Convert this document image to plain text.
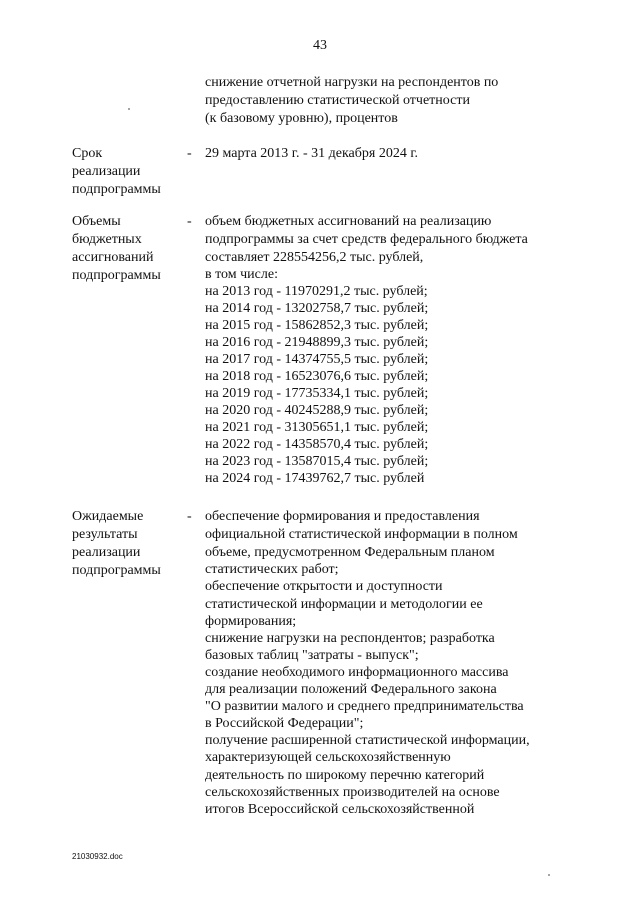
43
снижение отчетной нагрузки на респондентов по
предоставлению статистической отчетности
(к базовому уровню), процентов
Срок
реализации
подпрограммы
- 29 марта 2013 г. - 31 декабря 2024 г.
Объемы
бюджетных
ассигнований
подпрограммы
- объем бюджетных ассигнований на реализацию
подпрограммы за счет средств федерального бюджета
составляет 228554256,2 тыс. рублей,
в том числе:
на 2013 год - 11970291,2 тыс. рублей;
на 2014 год - 13202758,7 тыс. рублей;
на 2015 год - 15862852,3 тыс. рублей;
на 2016 год - 21948899,3 тыс. рублей;
на 2017 год - 14374755,5 тыс. рублей;
на 2018 год - 16523076,6 тыс. рублей;
на 2019 год - 17735334,1 тыс. рублей;
на 2020 год - 40245288,9 тыс. рублей;
на 2021 год - 31305651,1 тыс. рублей;
на 2022 год - 14358570,4 тыс. рублей;
на 2023 год - 13587015,4 тыс. рублей;
на 2024 год - 17439762,7 тыс. рублей
Ожидаемые
результаты
реализации
подпрограммы
- обеспечение формирования и предоставления
официальной статистической информации в полном
объеме, предусмотренном Федеральным планом
статистических работ;
обеспечение открытости и доступности
статистической информации и методологии ее
формирования;
снижение нагрузки на респондентов; разработка
базовых таблиц "затраты - выпуск";
создание необходимого информационного массива
для реализации положений Федерального закона
"О развитии малого и среднего предпринимательства
в Российской Федерации";
получение расширенной статистической информации,
характеризующей сельскохозяйственную
деятельность по широкому перечню категорий
сельскохозяйственных производителей на основе
итогов Всероссийской сельскохозяйственной
21030932.doc
